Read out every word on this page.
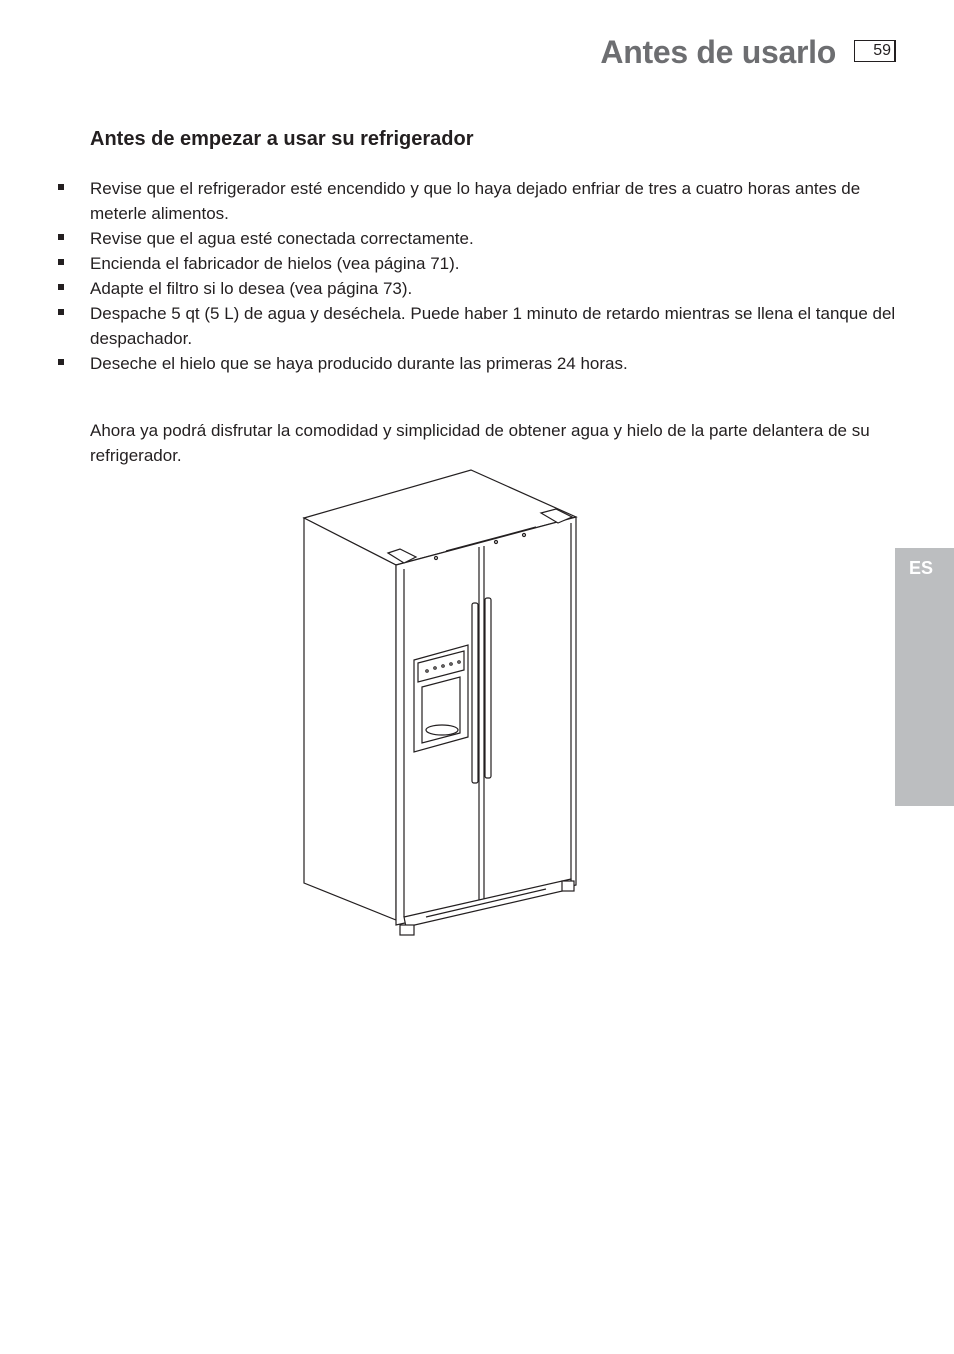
Antes de usarlo	59
Antes de empezar a usar su refrigerador
Revise que el refrigerador esté encendido y que lo haya dejado enfriar de tres a cuatro horas antes de meterle alimentos.
Revise que el agua esté conectada correctamente.
Encienda el fabricador de hielos (vea página 71).
Adapte el filtro si lo desea (vea página 73).
Despache 5 qt (5 L) de agua y deséchela. Puede haber 1 minuto de retardo mientras se llena el tanque del despachador.
Deseche el hielo que se haya producido durante las primeras 24 horas.

Ahora ya podrá disfrutar la comodidad y simplicidad de obtener agua y hielo de la parte delantera de su refrigerador.

ES
